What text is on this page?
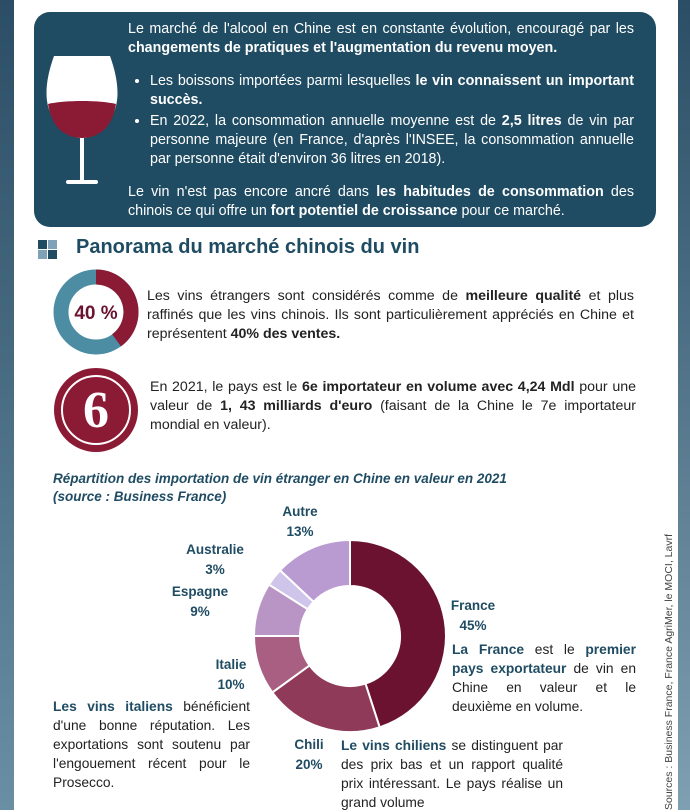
Sources : Business France, France AgriMer, le MOCI, Lavrf

Le marché de l'alcool en Chine est en constante évolution, encouragé par les changements de pratiques et l'augmentation du revenu moyen.

• Les boissons importées parmi lesquelles le vin connaissent un important succès.
• En 2022, la consommation annuelle moyenne est de 2,5 litres de vin par personne majeure (en France, d'après l'INSEE, la consommation annuelle par personne était d'environ 36 litres en 2018).

Le vin n'est pas encore ancré dans les habitudes de consommation des chinois ce qui offre un fort potentiel de croissance pour ce marché.

Panorama du marché chinois du vin
40 %
Les vins étrangers sont considérés comme de meilleure qualité et plus raffinés que les vins chinois. Ils sont particulièrement appréciés en Chine et représentent 40% des ventes.
6	En 2021, le pays est le 6e importateur en volume avec 4,24 Mdl pour une valeur de 1, 43 milliards d'euro (faisant de la Chine le 7e importateur mondial en valeur).
Répartition des importation de vin étranger en Chine en valeur en 2021
(source : Business France)
Autre
13%
Australie
3%
Espagne
9%	France
45%
Italie
10%
Chili
20%
La France est le premier pays exportateur de vin en Chine en valeur et le deuxième en volume.
Les vins italiens bénéficient d'une bonne réputation. Les exportations sont soutenu par l'engouement récent pour le Prosecco.
Le vins chiliens se distinguent par des prix bas et un rapport qualité prix intéressant. Le pays réalise un grand volume
